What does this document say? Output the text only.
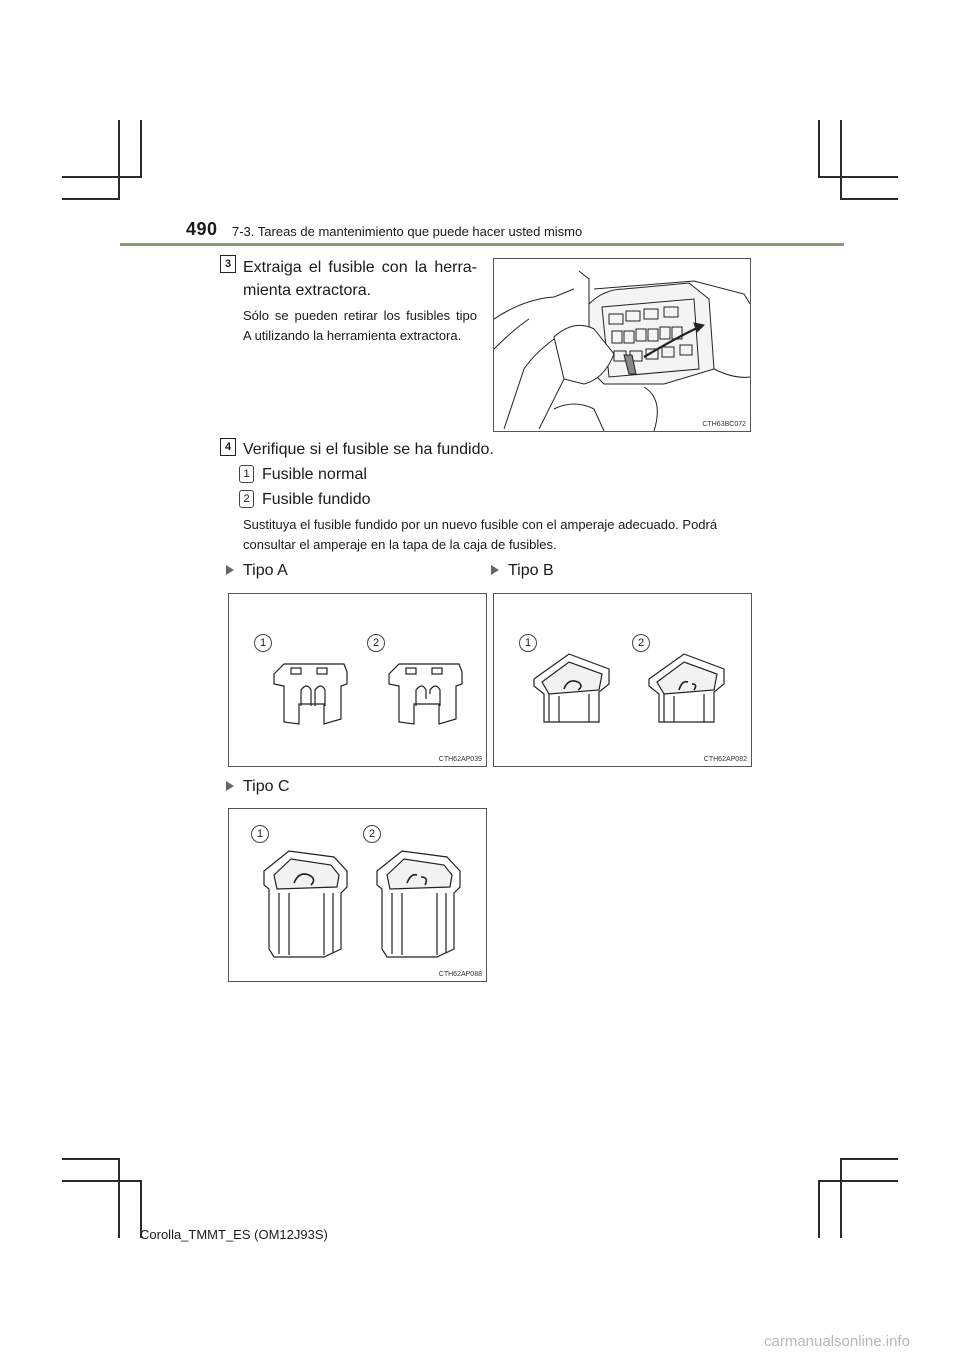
490 7-3. Tareas de mantenimiento que puede hacer usted mismo
3 Extraiga el fusible con la herra-
mienta extractora.
Sólo se pueden retirar los fusibles tipo
A utilizando la herramienta extractora.
CTH63BC072
4 Verifique si el fusible se ha fundido.
1 Fusible normal
2 Fusible fundido
Sustituya el fusible fundido por un nuevo fusible con el amperaje adecuado. Podrá
consultar el amperaje en la tapa de la caja de fusibles.
Tipo A	Tipo B
1	2
CTH62AP039
1	2
CTH62AP082
Tipo C
1	2
CTH62AP088
Corolla_TMMT_ES (OM12J93S)
carmanualsonline.info
